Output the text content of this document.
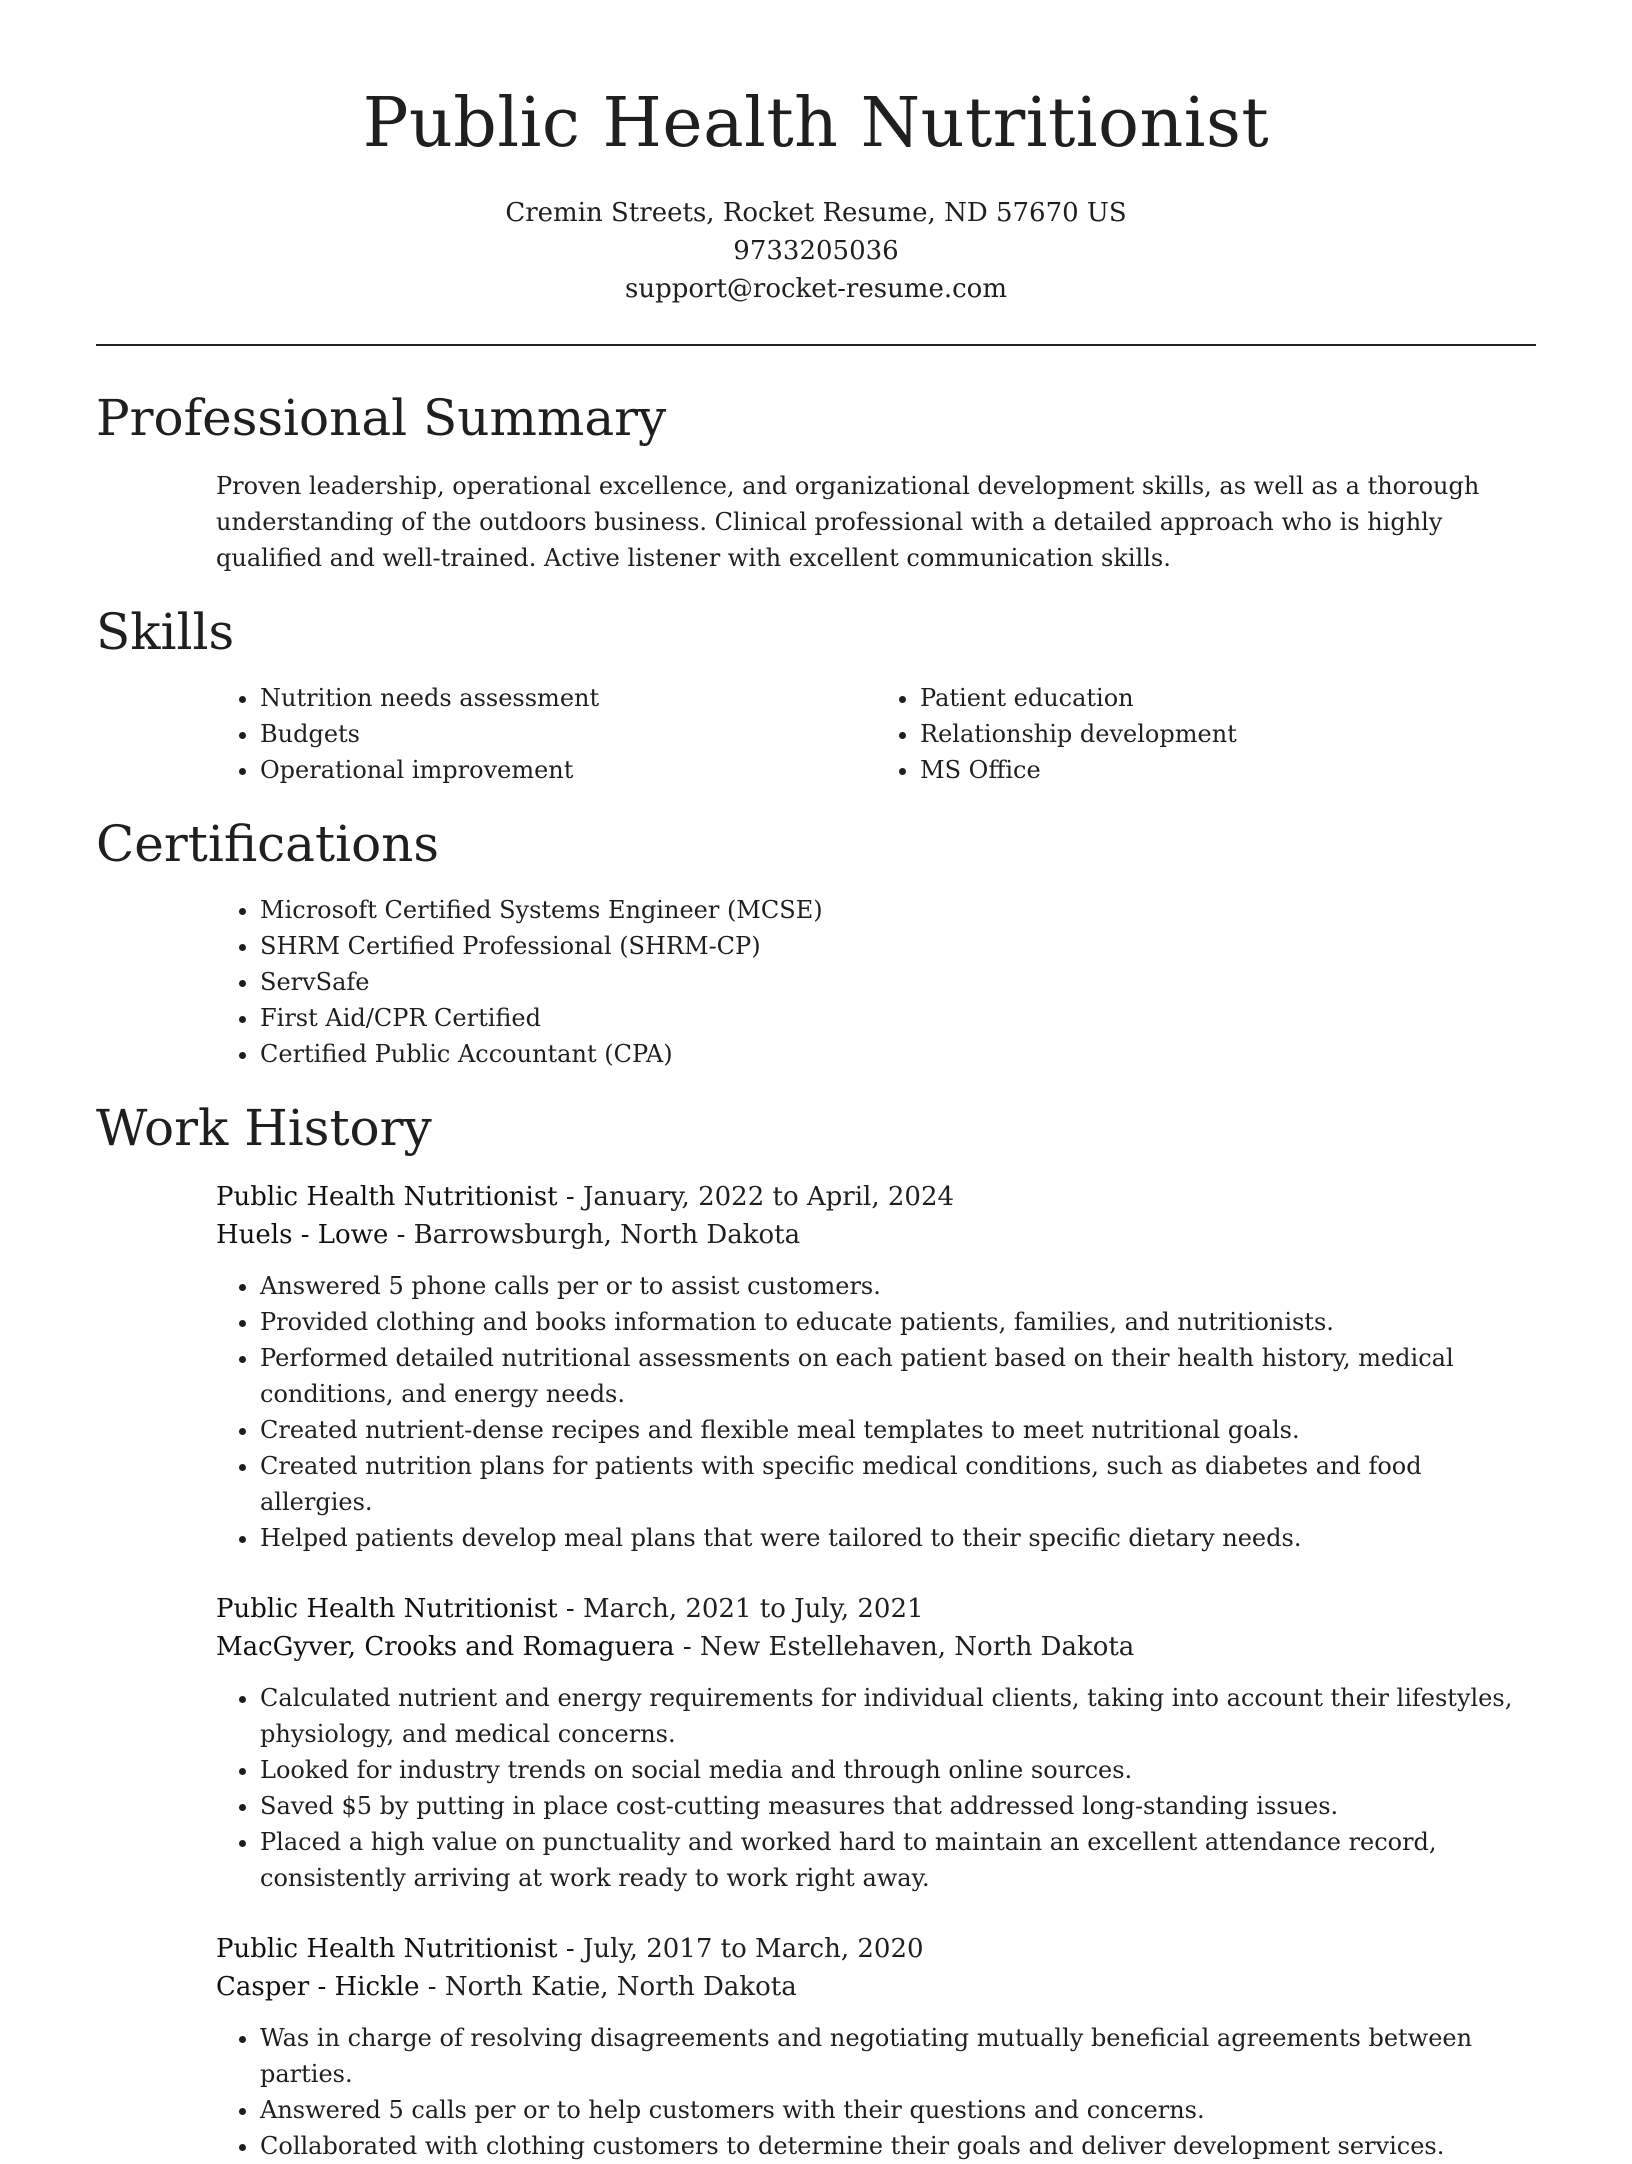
Public Health Nutritionist
Cremin Streets, Rocket Resume, ND 57670 US
9733205036
support@rocket-resume.com
Professional Summary

Proven leadership, operational excellence, and organizational development skills, as well as a thorough understanding of the outdoors business. Clinical professional with a detailed approach who is highly qualified and well-trained. Active listener with excellent communication skills.

Skills
• Nutrition needs assessment
• Budgets
• Operational improvement
• Patient education
• Relationship development
• MS Office
Certifications
• Microsoft Certified Systems Engineer (MCSE)
• SHRM Certified Professional (SHRM-CP)
• ServSafe
• First Aid/CPR Certified
• Certified Public Accountant (CPA)
Work History
Public Health Nutritionist - January, 2022 to April, 2024
Huels - Lowe - Barrowsburgh, North Dakota
• Answered 5 phone calls per or to assist customers.
• Provided clothing and books information to educate patients, families, and nutritionists.
• Performed detailed nutritional assessments on each patient based on their health history, medical conditions, and energy needs.
• Created nutrient-dense recipes and flexible meal templates to meet nutritional goals.
• Created nutrition plans for patients with specific medical conditions, such as diabetes and food allergies.
• Helped patients develop meal plans that were tailored to their specific dietary needs.
Public Health Nutritionist - March, 2021 to July, 2021
MacGyver, Crooks and Romaguera - New Estellehaven, North Dakota
• Calculated nutrient and energy requirements for individual clients, taking into account their lifestyles, physiology, and medical concerns.
• Looked for industry trends on social media and through online sources.
• Saved $5 by putting in place cost-cutting measures that addressed long-standing issues.
• Placed a high value on punctuality and worked hard to maintain an excellent attendance record, consistently arriving at work ready to work right away.
Public Health Nutritionist - July, 2017 to March, 2020
Casper - Hickle - North Katie, North Dakota
• Was in charge of resolving disagreements and negotiating mutually beneficial agreements between parties.
• Answered 5 calls per or to help customers with their questions and concerns.
• Collaborated with clothing customers to determine their goals and deliver development services.
